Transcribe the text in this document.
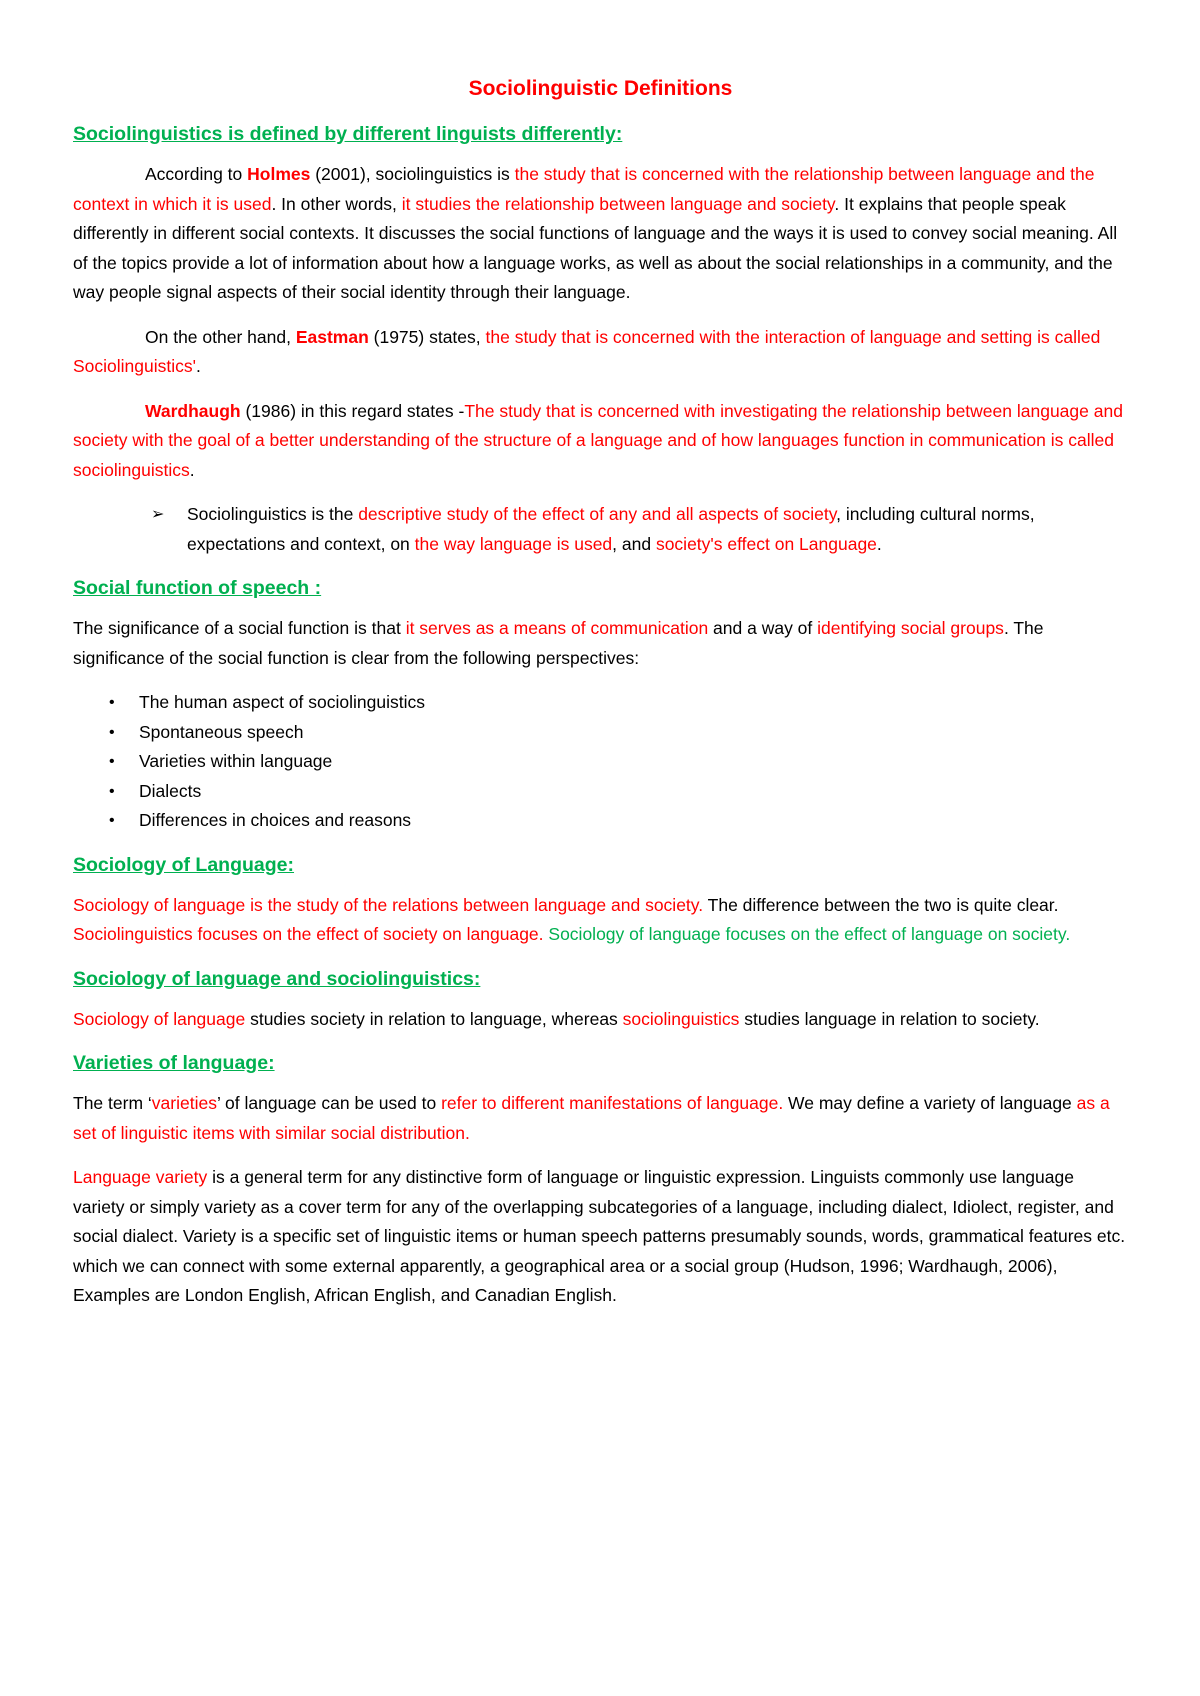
Sociolinguistic Definitions
Sociolinguistics is defined by different linguists differently:

According to Holmes (2001), sociolinguistics is the study that is concerned with the relationship between language and the context in which it is used. In other words, it studies the relationship between language and society. It explains that people speak differently in different social contexts. It discusses the social functions of language and the ways it is used to convey social meaning. All of the topics provide a lot of information about how a language works, as well as about the social relationships in a community, and the way people signal aspects of their social identity through their language.

On the other hand, Eastman (1975) states, the study that is concerned with the interaction of language and setting is called Sociolinguistics'.

Wardhaugh (1986) in this regard states -The study that is concerned with investigating the relationship between language and society with the goal of a better understanding of the structure of a language and of how languages function in communication is called sociolinguistics.

➢	Sociolinguistics is the descriptive study of the effect of any and all aspects of society, including cultural norms, expectations and context, on the way language is used, and society's effect on Language.
Social function of speech :

The significance of a social function is that it serves as a means of communication and a way of identifying social groups. The significance of the social function is clear from the following perspectives:

•	The human aspect of sociolinguistics
•	Spontaneous speech
•	Varieties within language
•	Dialects
•	Differences in choices and reasons
Sociology of Language:

Sociology of language is the study of the relations between language and society. The difference between the two is quite clear. Sociolinguistics focuses on the effect of society on language. Sociology of language focuses on the effect of language on society.

Sociology of language and sociolinguistics:

Sociology of language studies society in relation to language, whereas sociolinguistics studies language in relation to society.

Varieties of language:

The term ‘varieties’ of language can be used to refer to different manifestations of language. We may define a variety of language as a set of linguistic items with similar social distribution.

Language variety is a general term for any distinctive form of language or linguistic expression. Linguists commonly use language variety or simply variety as a cover term for any of the overlapping subcategories of a language, including dialect, Idiolect, register, and social dialect. Variety is a specific set of linguistic items or human speech patterns presumably sounds, words, grammatical features etc. which we can connect with some external apparently, a geographical area or a social group (Hudson, 1996; Wardhaugh, 2006), Examples are London English, African English, and Canadian English.
